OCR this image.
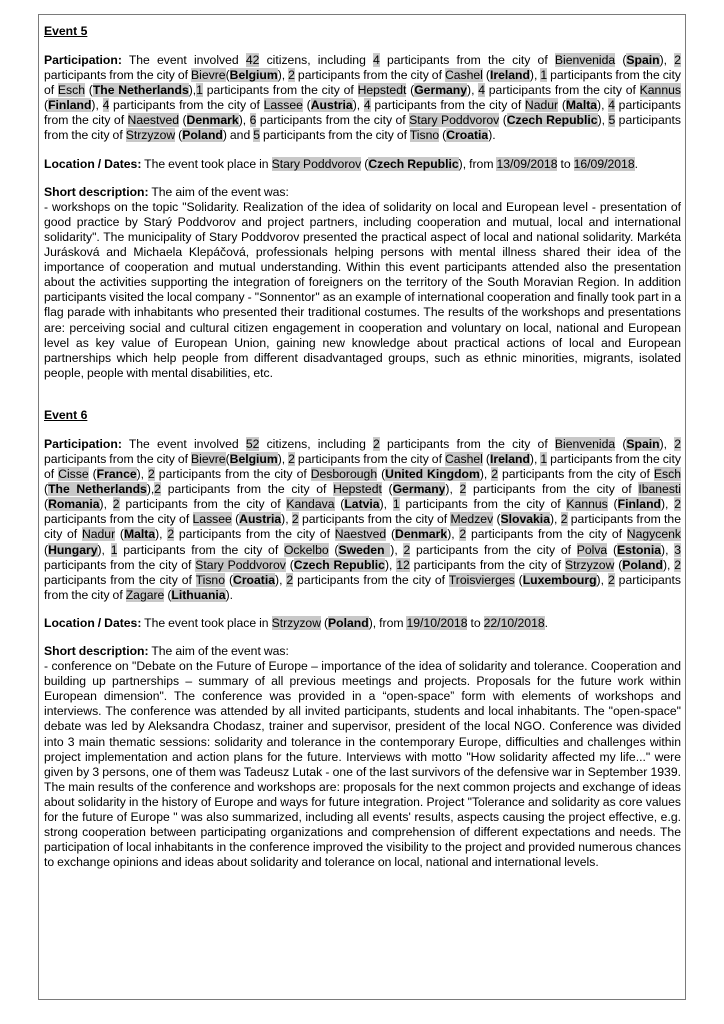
Event 5

Participation: The event involved 42 citizens, including 4 participants from the city of Bienvenida (Spain), 2 participants from the city of Bievre(Belgium), 2 participants from the city of Cashel (Ireland), 1 participants from the city of Esch (The Netherlands),1 participants from the city of Hepstedt (Germany), 4 participants from the city of Kannus (Finland), 4 participants from the city of Lassee (Austria), 4 participants from the city of Nadur (Malta), 4 participants from the city of Naestved (Denmark), 6 participants from the city of Stary Poddvorov (Czech Republic), 5 participants from the city of Strzyzow (Poland) and 5 participants from the city of Tisno (Croatia).

Location / Dates: The event took place in Stary Poddvorov (Czech Republic), from 13/09/2018 to 16/09/2018.

Short description: The aim of the event was:
- workshops on the topic "Solidarity. Realization of the idea of solidarity on local and European level - presentation of good practice by Starý Poddvorov and project partners, including cooperation and mutual, local and international solidarity". The municipality of Stary Poddvorov presented the practical aspect of local and national solidarity. Markéta Jurásková and Michaela Klepáčová, professionals helping persons with mental illness shared their idea of the importance of cooperation and mutual understanding. Within this event participants attended also the presentation about the activities supporting the integration of foreigners on the territory of the South Moravian Region. In addition participants visited the local company - "Sonnentor" as an example of international cooperation and finally took part in a flag parade with inhabitants who presented their traditional costumes. The results of the workshops and presentations are: perceiving social and cultural citizen engagement in cooperation and voluntary on local, national and European level as key value of European Union, gaining new knowledge about practical actions of local and European partnerships which help people from different disadvantaged groups, such as ethnic minorities, migrants, isolated people, people with mental disabilities, etc.

Event 6

Participation: The event involved 52 citizens, including 2 participants from the city of Bienvenida (Spain), 2 participants from the city of Bievre(Belgium), 2 participants from the city of Cashel (Ireland), 1 participants from the city of Cisse (France), 2 participants from the city of Desborough (United Kingdom), 2 participants from the city of Esch (The Netherlands),2 participants from the city of Hepstedt (Germany), 2 participants from the city of Ibanesti (Romania), 2 participants from the city of Kandava (Latvia), 1 participants from the city of Kannus (Finland), 2 participants from the city of Lassee (Austria), 2 participants from the city of Medzev (Slovakia), 2 participants from the city of Nadur (Malta), 2 participants from the city of Naestved (Denmark), 2 participants from the city of Nagycenk (Hungary), 1 participants from the city of Ockelbo (Sweden ), 2 participants from the city of Polva (Estonia), 3 participants from the city of Stary Poddvorov (Czech Republic), 12 participants from the city of Strzyzow (Poland), 2 participants from the city of Tisno (Croatia), 2 participants from the city of Troisvierges (Luxembourg), 2 participants from the city of Zagare (Lithuania).

Location / Dates: The event took place in Strzyzow (Poland), from 19/10/2018 to 22/10/2018.

Short description: The aim of the event was:
- conference on "Debate on the Future of Europe – importance of the idea of solidarity and tolerance. Cooperation and building up partnerships – summary of all previous meetings and projects. Proposals for the future work within European dimension". The conference was provided in a “open-space” form with elements of workshops and interviews. The conference was attended by all invited participants, students and local inhabitants. The "open-space" debate was led by Aleksandra Chodasz, trainer and supervisor, president of the local NGO. Conference was divided into 3 main thematic sessions: solidarity and tolerance in the contemporary Europe, difficulties and challenges within project implementation and action plans for the future. Interviews with motto "How solidarity affected my life..." were given by 3 persons, one of them was Tadeusz Lutak - one of the last survivors of the defensive war in September 1939. The main results of the conference and workshops are: proposals for the next common projects and exchange of ideas about solidarity in the history of Europe and ways for future integration. Project "Tolerance and solidarity as core values for the future of Europe " was also summarized, including all events' results, aspects causing the project effective, e.g. strong cooperation between participating organizations and comprehension of different expectations and needs. The participation of local inhabitants in the conference improved the visibility to the project and provided numerous chances to exchange opinions and ideas about solidarity and tolerance on local, national and international levels.
